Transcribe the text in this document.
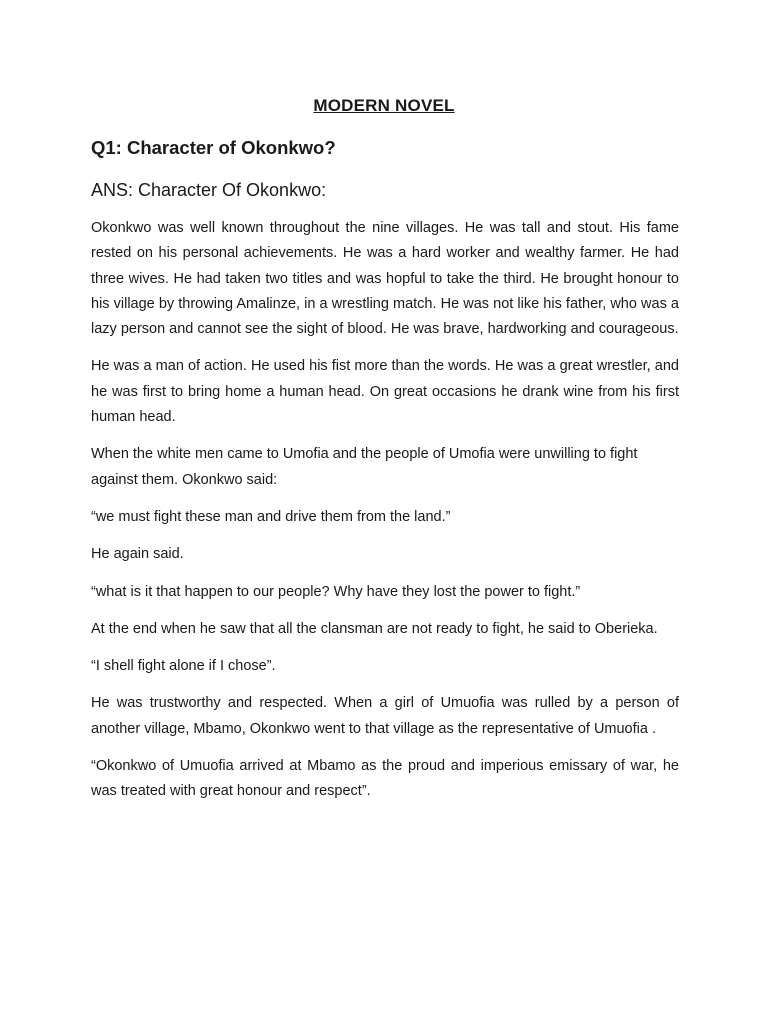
MODERN NOVEL
Q1: Character of Okonkwo?
ANS: Character Of Okonkwo:

Okonkwo was well known throughout the nine villages. He was tall and stout. His fame rested on his personal achievements. He was a hard worker and wealthy farmer. He had three wives. He had taken two titles and was hopful to take the third. He brought honour to his village by throwing Amalinze, in a wrestling match. He was not like his father, who was a lazy person and cannot see the sight of blood. He was brave, hardworking and courageous.

He was a man of action. He used his fist more than the words. He was a great wrestler, and he was first to bring home a human head. On great occasions he drank wine from his first human head.

When the white men came to Umofia and the people of Umofia were unwilling to fight against them. Okonkwo said:

“we must fight these man and drive them from the land.”

He again said.

“what is it that happen to our people? Why have they lost the power to fight.”

At the end when he saw that all the clansman are not ready to fight, he said to Oberieka.

“I shell fight alone if I chose”.

He was trustworthy and respected. When a girl of Umuofia was rulled by a person of another village, Mbamo, Okonkwo went to that village as the representative of Umuofia .

“Okonkwo of Umuofia arrived at Mbamo as the proud and imperious emissary of war, he was treated with great honour and respect”.
